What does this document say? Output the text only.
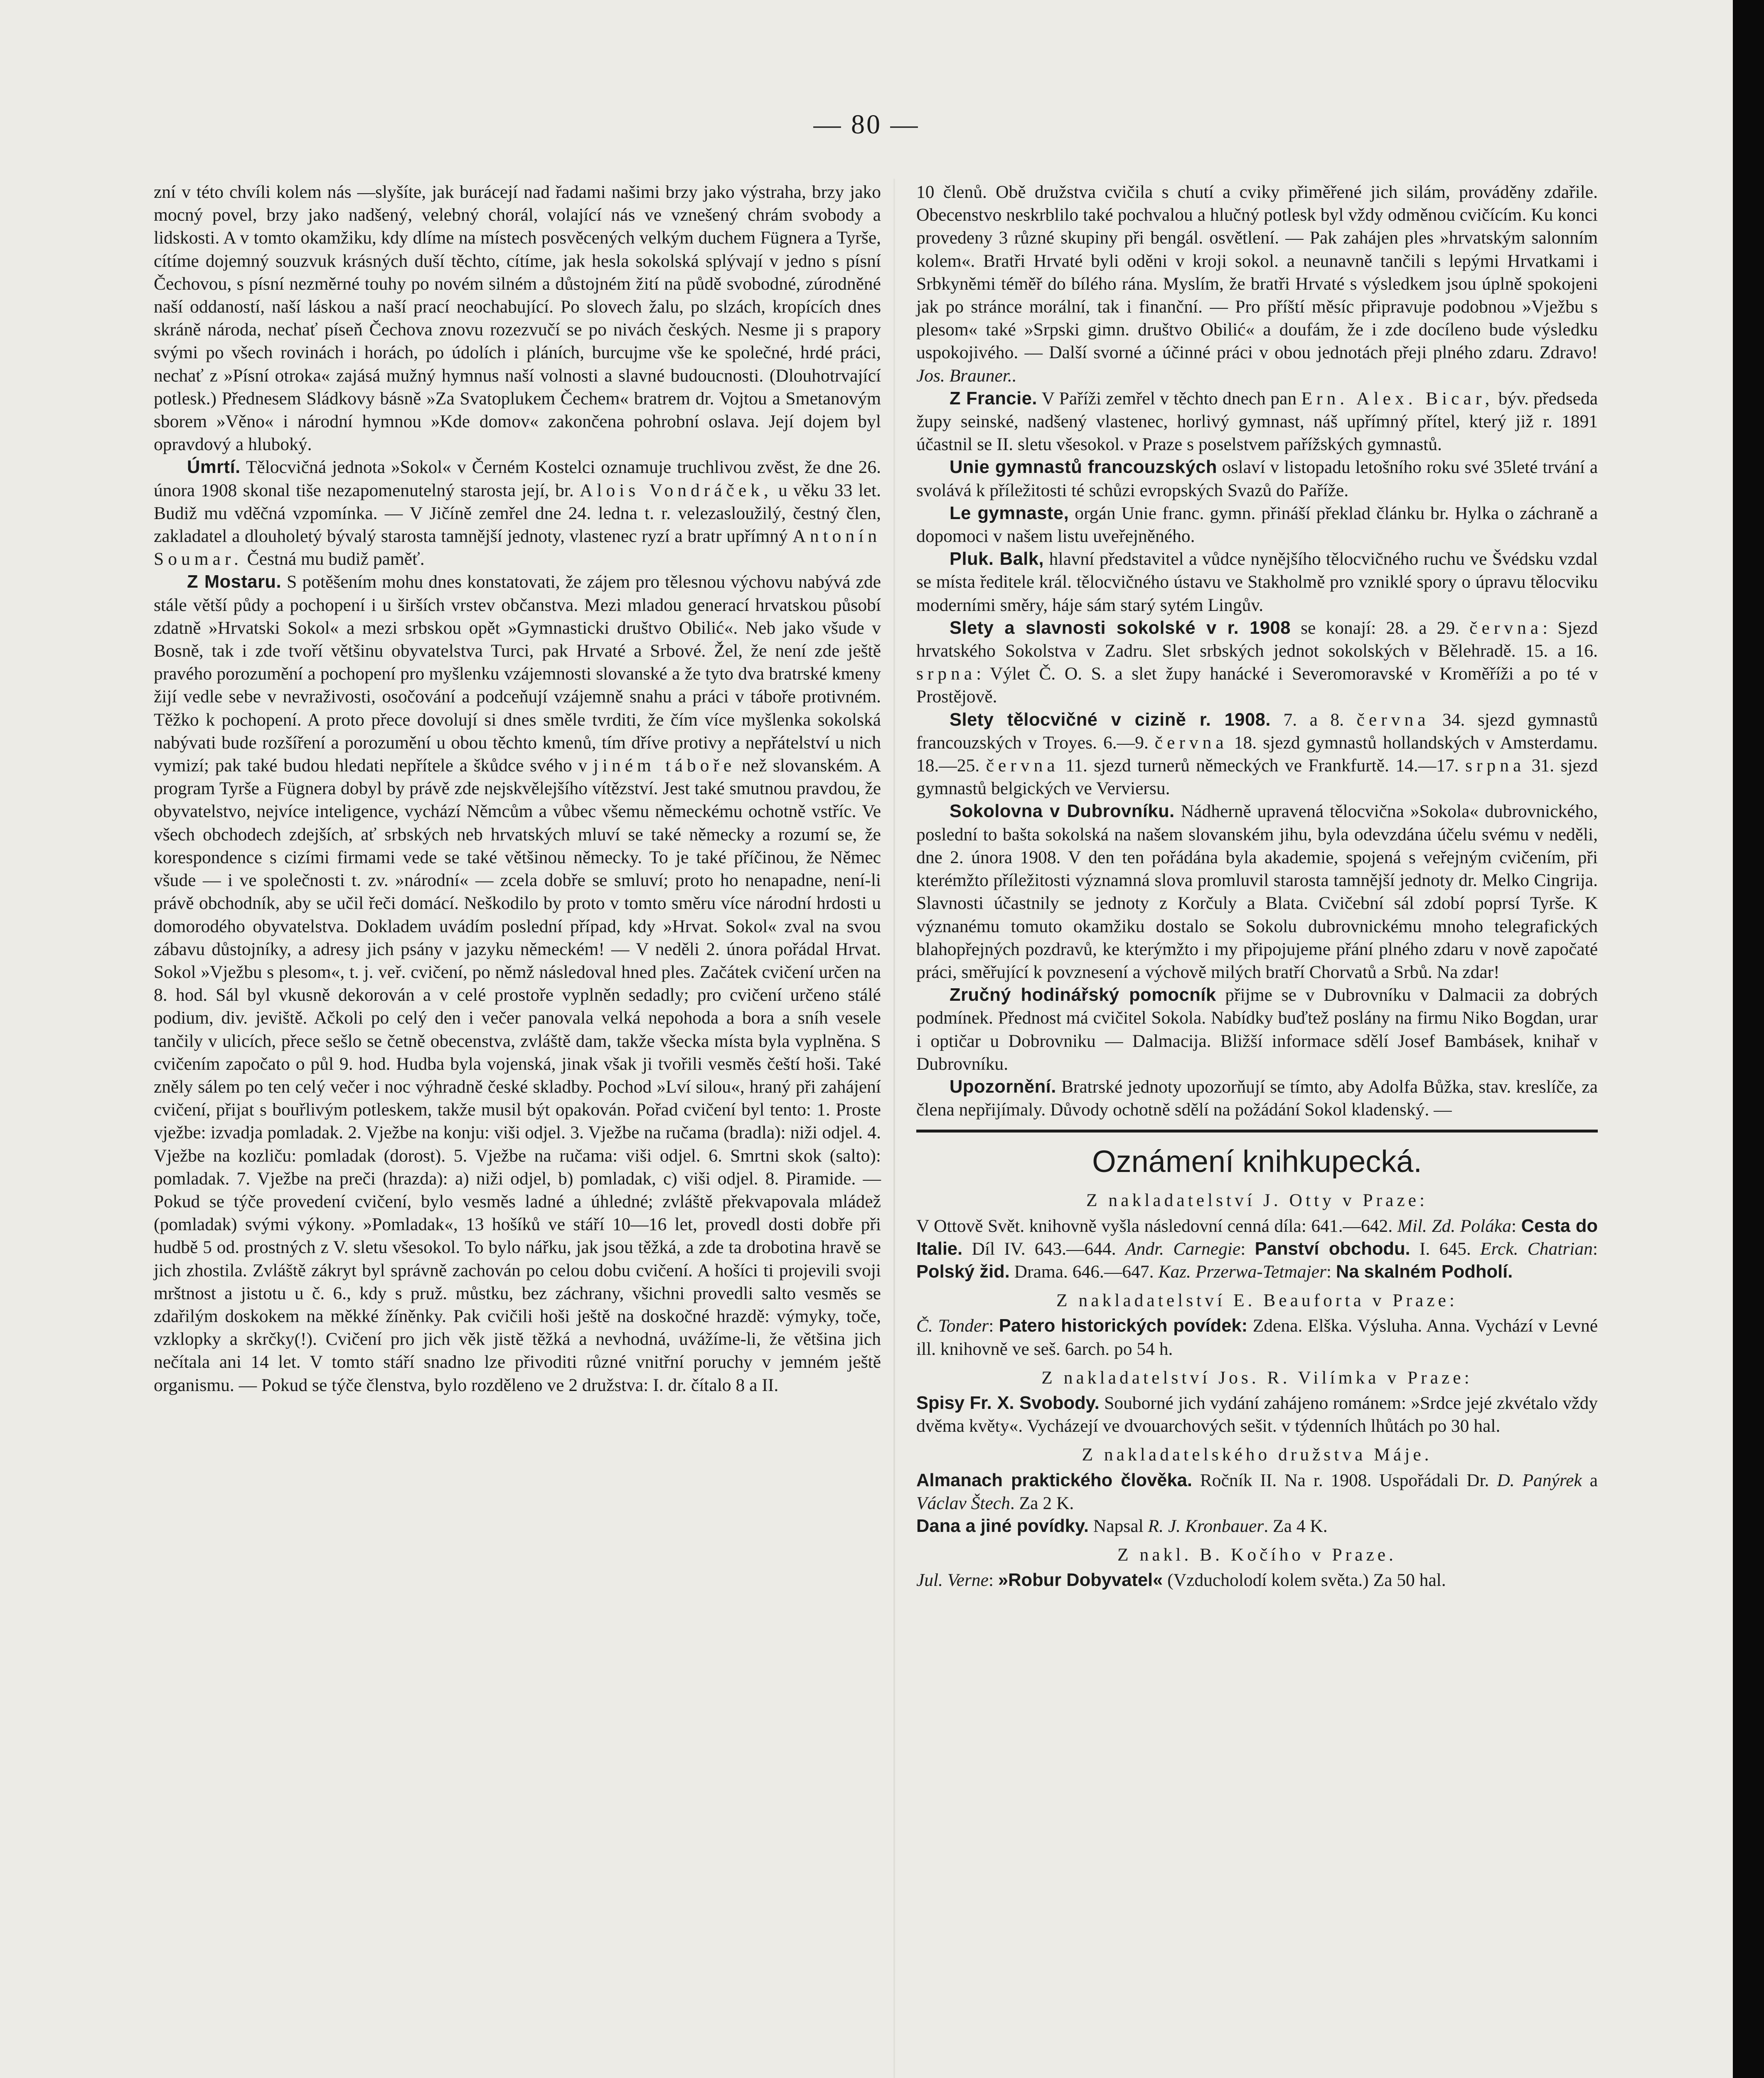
— 80 —

zní v této chvíli kolem nás —slyšíte, jak burácejí nad řadami našimi brzy jako výstraha, brzy jako mocný povel, brzy jako nadšený, velebný chorál, volající nás ve vznešený chrám svobody a lidskosti. A v tomto okamžiku, kdy dlíme na místech posvěcených velkým duchem Fügnera a Tyrše, cítíme dojemný souzvuk krásných duší těchto, cítíme, jak hesla sokolská splývají v jedno s písní Čechovou, s písní nezměrné touhy po novém silném a důstojném žití na půdě svobodné, zúrodněné naší oddaností, naší láskou a naší prací neochabující. Po slovech žalu, po slzách, kropících dnes skráně národa, nechať píseň Čechova znovu rozezvučí se po nivách českých. Nesme ji s prapory svými po všech rovinách i horách, po údolích i pláních, burcujme vše ke společné, hrdé práci, nechať z »Písní otroka« zajásá mužný hymnus naší volnosti a slavné budoucnosti. (Dlouhotrvající potlesk.) Přednesem Sládkovy básně »Za Svatoplukem Čechem« bratrem dr. Vojtou a Smetanovým sborem »Věno« i národní hymnou »Kde domov« zakončena pohrobní oslava. Její dojem byl opravdový a hluboký.

Úmrtí. Tělocvičná jednota »Sokol« v Černém Kostelci oznamuje truchlivou zvěst, že dne 26. února 1908 skonal tiše nezapomenutelný starosta její, br. Alois Vondráček, u věku 33 let. Budiž mu vděčná vzpomínka. — V Jičíně zemřel dne 24. ledna t. r. velezasloužilý, čestný člen, zakladatel a dlouholetý bývalý starosta tamnější jednoty, vlastenec ryzí a bratr upřímný Antonín Soumar. Čestná mu budiž paměť.

Z Mostaru. S potěšením mohu dnes konstatovati, že zájem pro tělesnou výchovu nabývá zde stále větší půdy a pochopení i u širších vrstev občanstva. Mezi mladou generací hrvatskou působí zdatně »Hrvatski Sokol« a mezi srbskou opět »Gymnasticki društvo Obilić«. Neb jako všude v Bosně, tak i zde tvoří většinu obyvatelstva Turci, pak Hrvaté a Srbové. Žel, že není zde ještě pravého porozumění a pochopení pro myšlenku vzájemnosti slovanské a že tyto dva bratrské kmeny žijí vedle sebe v nevraživosti, osočování a podceňují vzájemně snahu a práci v táboře protivném. Těžko k pochopení. A proto přece dovolují si dnes směle tvrditi, že čím více myšlenka sokolská nabývati bude rozšíření a porozumění u obou těchto kmenů, tím dříve protivy a nepřátelství u nich vymizí; pak také budou hledati nepřítele a škůdce svého v jiném táboře než slovanském. A program Tyrše a Fügnera dobyl by právě zde nejskvělejšího vítězství. Jest také smutnou pravdou, že obyvatelstvo, nejvíce inteligence, vychází Němcům a vůbec všemu německému ochotně vstříc. Ve všech obchodech zdejších, ať srbských neb hrvatských mluví se také německy a rozumí se, že korespondence s cizími firmami vede se také většinou německy. To je také příčinou, že Němec všude — i ve společnosti t. zv. »národní« — zcela dobře se smluví; proto ho nenapadne, není-li právě obchodník, aby se učil řeči domácí. Neškodilo by proto v tomto směru více národní hrdosti u domorodého obyvatelstva. Dokladem uvádím poslední případ, kdy »Hrvat. Sokol« zval na svou zábavu důstojníky, a adresy jich psány v jazyku německém! — V neděli 2. února pořádal Hrvat. Sokol »Vježbu s plesom«, t. j. veř. cvičení, po němž následoval hned ples. Začátek cvičení určen na 8. hod. Sál byl vkusně dekorován a v celé prostoře vyplněn sedadly; pro cvičení určeno stálé podium, div. jeviště. Ačkoli po celý den i večer panovala velká nepohoda a bora a sníh vesele tančily v ulicích, přece sešlo se četně obecenstva, zvláště dam, takže všecka místa byla vyplněna. S cvičením započato o půl 9. hod. Hudba byla vojenská, jinak však ji tvořili vesměs čeští hoši. Také zněly sálem po ten celý večer i noc výhradně české skladby. Pochod »Lví silou«, hraný při zahájení cvičení, přijat s bouřlivým potleskem, takže musil být opakován. Pořad cvičení byl tento: 1. Proste vježbe: izvadja pomladak. 2. Vježbe na konju: viši odjel. 3. Vježbe na ručama (bradla): niži odjel. 4. Vježbe na kozliču: pomladak (dorost). 5. Vježbe na ručama: viši odjel. 6. Smrtni skok (salto): pomladak. 7. Vježbe na preči (hrazda): a) niži odjel, b) pomladak, c) viši odjel. 8. Piramide. — Pokud se týče provedení cvičení, bylo vesměs ladné a úhledné; zvláště překvapovala mládež (pomladak) svými výkony. »Pomladak«, 13 hošíků ve stáří 10—16 let, provedl dosti dobře při hudbě 5 od. prostných z V. sletu všesokol. To bylo nářku, jak jsou těžká, a zde ta drobotina hravě se jich zhostila. Zvláště zákryt byl správně zachován po celou dobu cvičení. A hošíci ti projevili svoji mrštnost a jistotu u č. 6., kdy s pruž. můstku, bez záchrany, všichni provedli salto vesměs se zdařilým doskokem na měkké žíněnky. Pak cvičili hoši ještě na doskočné hrazdě: výmyky, toče, vzklopky a skrčky(!). Cvičení pro jich věk jistě těžká a nevhodná, uvážíme-li, že většina jich nečítala ani 14 let. V tomto stáří snadno lze přivoditi různé vnitřní poruchy v jemném ještě organismu. — Pokud se týče členstva, bylo rozděleno ve 2 družstva: I. dr. čítalo 8 a II.

10 členů. Obě družstva cvičila s chutí a cviky přiměřené jich silám, prováděny zdařile. Obecenstvo neskrblilo také pochvalou a hlučný potlesk byl vždy odměnou cvičícím. Ku konci provedeny 3 různé skupiny při bengál. osvětlení. — Pak zahájen ples »hrvatským salonním kolem«. Bratři Hrvaté byli oděni v kroji sokol. a neunavně tančili s lepými Hrvatkami i Srbkyněmi téměř do bílého rána. Myslím, že bratři Hrvaté s výsledkem jsou úplně spokojeni jak po stránce morální, tak i finanční. — Pro příští měsíc připravuje podobnou »Vježbu s plesom« také »Srpski gimn. društvo Obilić« a doufám, že i zde docíleno bude výsledku uspokojivého. — Další svorné a účinné práci v obou jednotách přeji plného zdaru. Zdravo! Jos. Brauner..

Z Francie. V Paříži zemřel v těchto dnech pan Ern. Alex. Bicar, býv. předseda župy seinské, nadšený vlastenec, horlivý gymnast, náš upřímný přítel, který již r. 1891 účastnil se II. sletu všesokol. v Praze s poselstvem pařížských gymnastů.

Unie gymnastů francouzských oslaví v listopadu letošního roku své 35leté trvání a svolává k příležitosti té schůzi evropských Svazů do Paříže.

Le gymnaste, orgán Unie franc. gymn. přináší překlad článku br. Hylka o záchraně a dopomoci v našem listu uveřejněného.

Pluk. Balk, hlavní představitel a vůdce nynějšího tělocvičného ruchu ve Švédsku vzdal se místa ředitele král. tělocvičného ústavu ve Stakholmě pro vzniklé spory o úpravu tělocviku moderními směry, háje sám starý sytém Lingův.

Slety a slavnosti sokolské v r. 1908 se konají: 28. a 29. června: Sjezd hrvatského Sokolstva v Zadru. Slet srbských jednot sokolských v Bělehradě. 15. a 16. srpna: Výlet Č. O. S. a slet župy hanácké i Severomoravské v Kroměříži a po té v Prostějově.

Slety tělocvičné v cizině r. 1908. 7. a 8. června 34. sjezd gymnastů francouzských v Troyes. 6.—9. června 18. sjezd gymnastů hollandských v Amsterdamu. 18.—25. června 11. sjezd turnerů německých ve Frankfurtě. 14.—17. srpna 31. sjezd gymnastů belgických ve Verviersu.

Sokolovna v Dubrovníku. Nádherně upravená tělocvična »Sokola« dubrovnického, poslední to bašta sokolská na našem slovanském jihu, byla odevzdána účelu svému v neděli, dne 2. února 1908. V den ten pořádána byla akademie, spojená s veřejným cvičením, při kterémžto příležitosti významná slova promluvil starosta tamnější jednoty dr. Melko Cingrija. Slavnosti účastnily se jednoty z Korčuly a Blata. Cvičební sál zdobí poprsí Tyrše. K význanému tomuto okamžiku dostalo se Sokolu dubrovnickému mnoho telegrafických blahopřejných pozdravů, ke kterýmžto i my připojujeme přání plného zdaru v nově započaté práci, směřující k povznesení a výchově milých bratří Chorvatů a Srbů. Na zdar!

Zručný hodinářský pomocník přijme se v Dubrovníku v Dalmacii za dobrých podmínek. Přednost má cvičitel Sokola. Nabídky buďtež poslány na firmu Niko Bogdan, urar i optičar u Dobrovniku — Dalmacija. Bližší informace sdělí Josef Bambásek, knihař v Dubrovníku.

Upozornění. Bratrské jednoty upozorňují se tímto, aby Adolfa Bůžka, stav. kreslíče, za člena nepřijímaly. Důvody ochotně sdělí na požádání Sokol kladenský. —

Oznámení knihkupecká.
Z nakladatelství J. Otty v Praze:

V Ottově Svět. knihovně vyšla následovní cenná díla: 641.—642. Mil. Zd. Poláka: Cesta do Italie. Díl IV. 643.—644. Andr. Carnegie: Panství obchodu. I. 645. Erck. Chatrian: Polský žid. Drama. 646.—647. Kaz. Przerwa-Tetmajer: Na skalném Podholí.

Z nakladatelství E. Beauforta v Praze:

Č. Tonder: Patero historických povídek: Zdena. Elška. Výsluha. Anna. Vychází v Levné ill. knihovně ve seš. 6arch. po 54 h.

Z nakladatelství Jos. R. Vilímka v Praze:

Spisy Fr. X. Svobody. Souborné jich vydání zahájeno románem: »Srdce jejé zkvétalo vždy dvěma květy«. Vycházejí ve dvouarchových sešit. v týdenních lhůtách po 30 hal.

Z nakladatelského družstva Máje.

Almanach praktického člověka. Ročník II. Na r. 1908. Uspořádali Dr. D. Panýrek a Václav Štech. Za 2 K.

Dana a jiné povídky. Napsal R. J. Kronbauer. Za 4 K.

Z nakl. B. Kočího v Praze.

Jul. Verne: »Robur Dobyvatel« (Vzducholodí kolem světa.) Za 50 hal.
